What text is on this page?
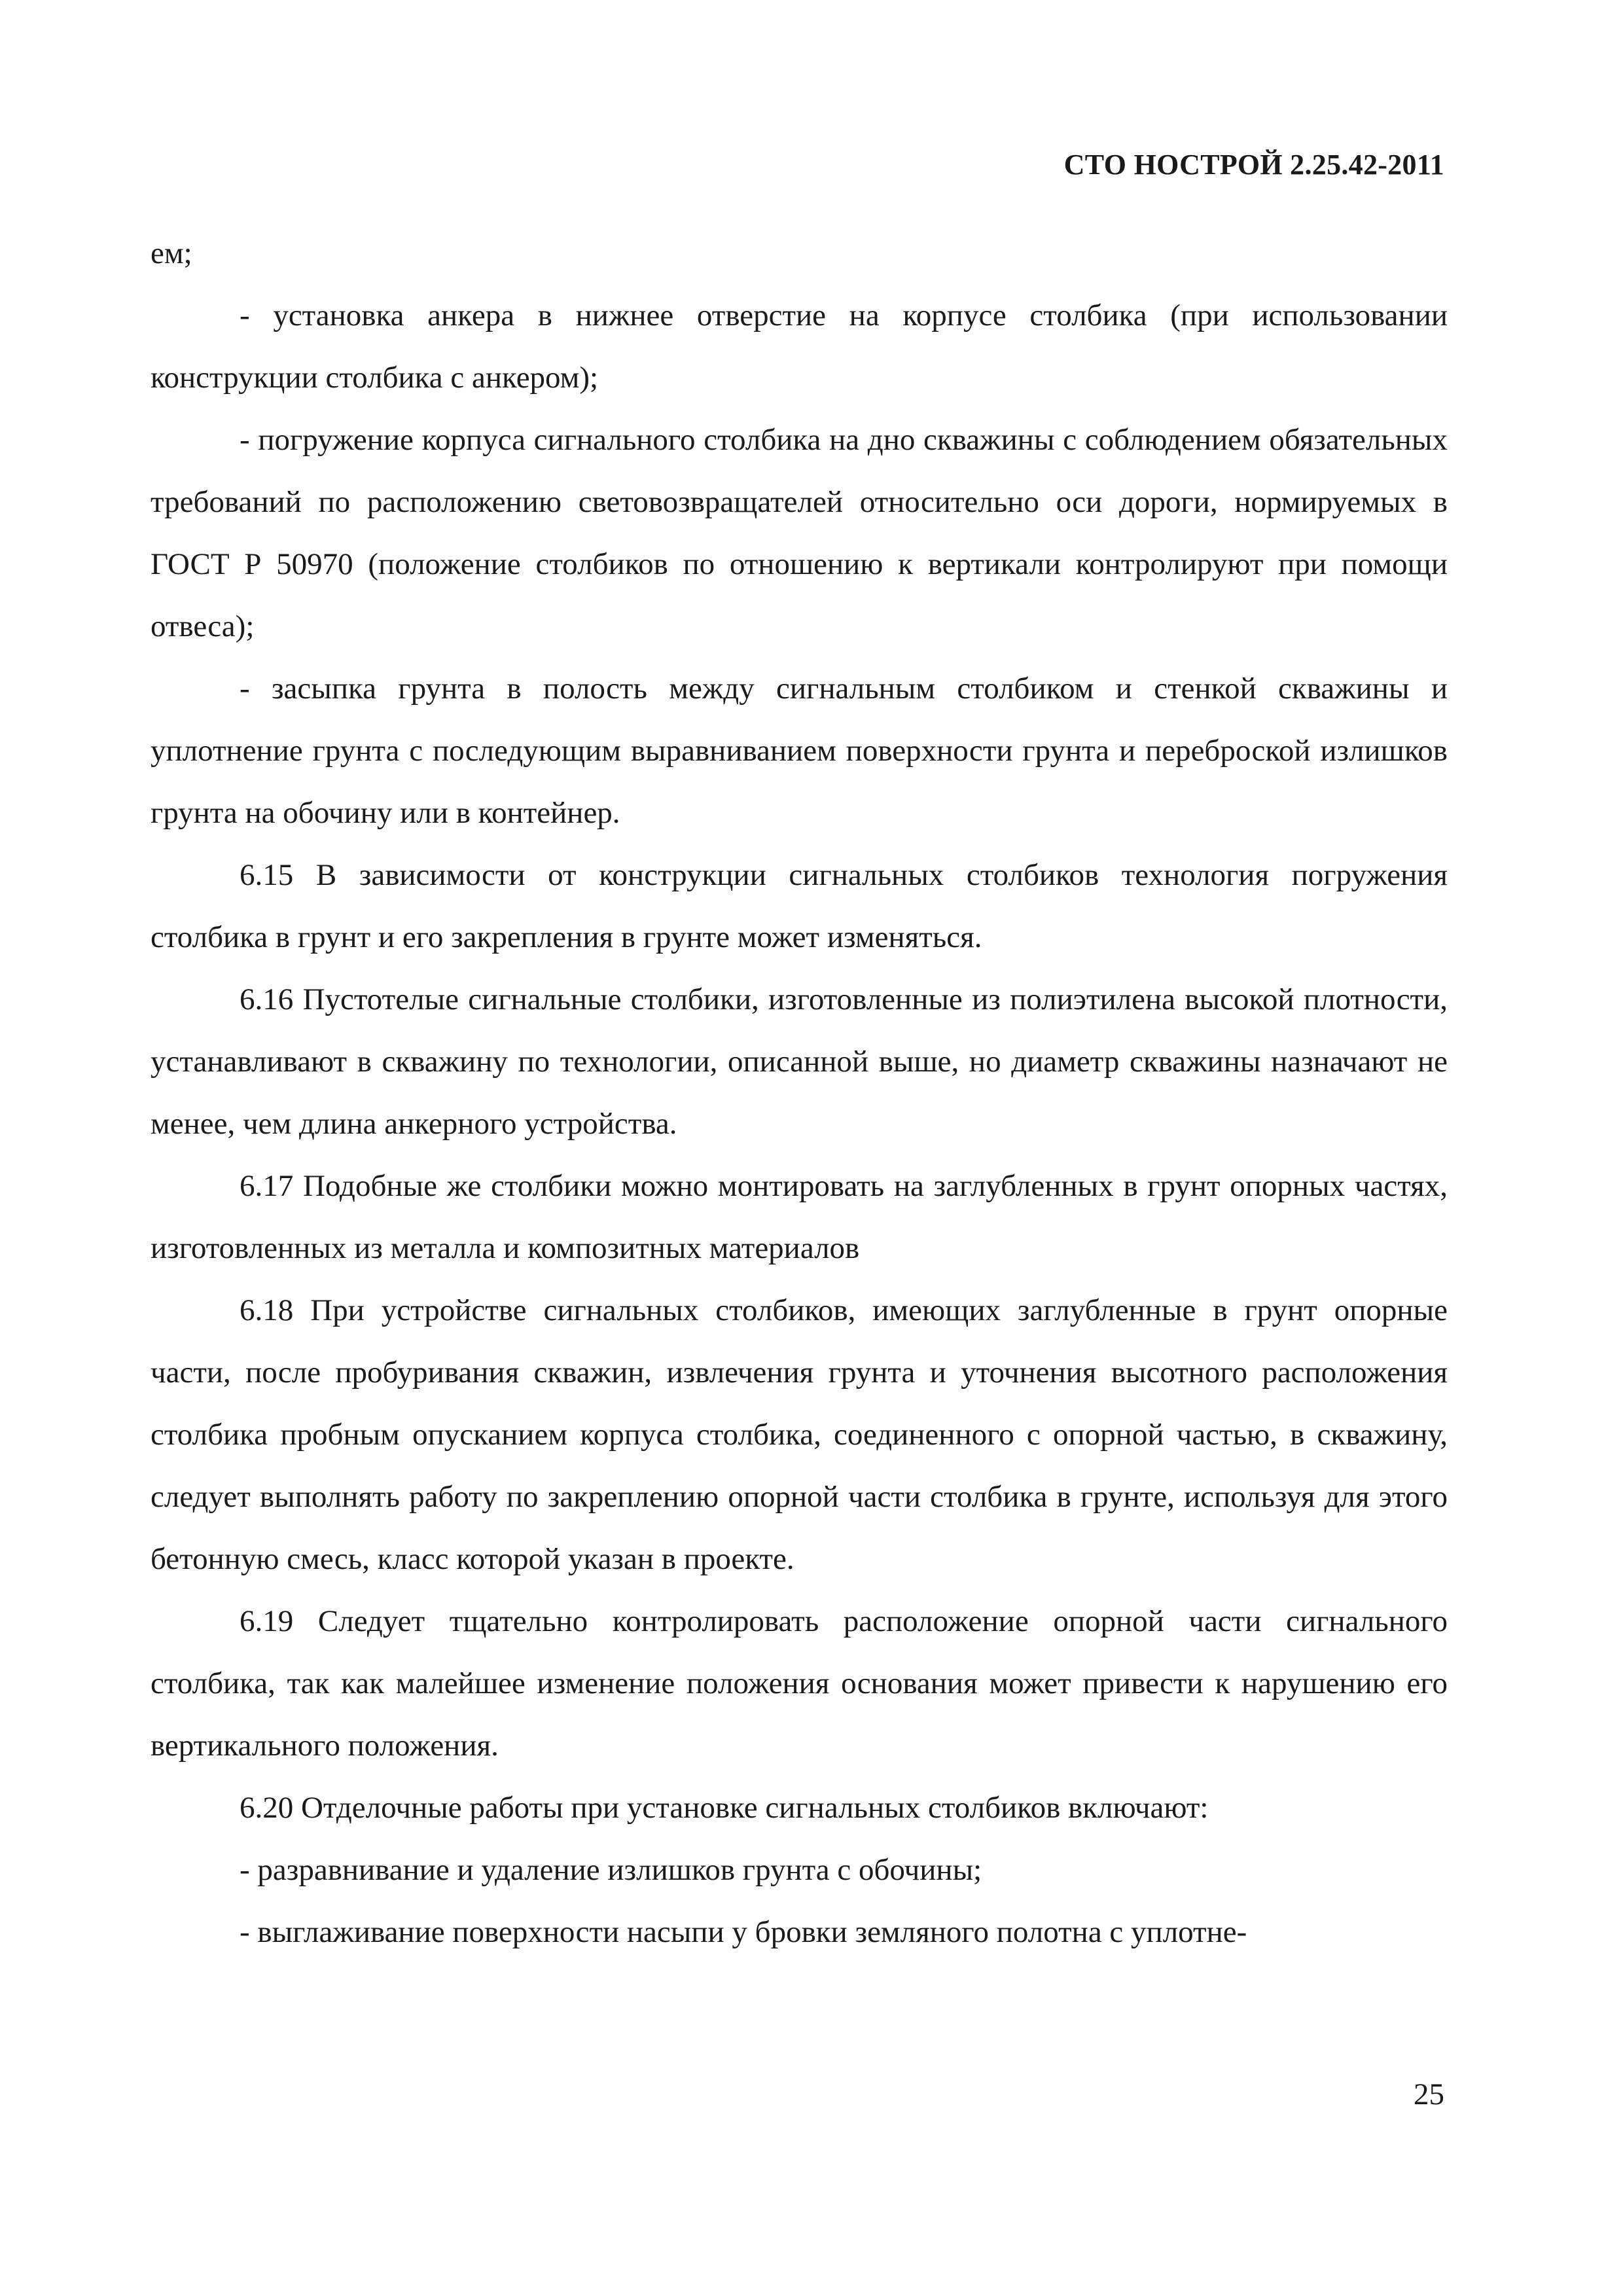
СТО НОСТРОЙ 2.25.42-2011

ем;

- установка анкера в нижнее отверстие на корпусе столбика (при использовании конструкции столбика с анкером);

- погружение корпуса сигнального столбика на дно скважины с соблюдением обязательных требований по расположению световозвращателей относительно оси дороги, нормируемых в ГОСТ Р 50970 (положение столбиков по отношению к вертикали контролируют при помощи отвеса);

- засыпка грунта в полость между сигнальным столбиком и стенкой скважины и уплотнение грунта с последующим выравниванием поверхности грунта и переброской излишков грунта на обочину или в контейнер.

6.15 В зависимости от конструкции сигнальных столбиков технология погружения столбика в грунт и его закрепления в грунте может изменяться.

6.16 Пустотелые сигнальные столбики, изготовленные из полиэтилена высокой плотности, устанавливают в скважину по технологии, описанной выше, но диаметр скважины назначают не менее, чем длина анкерного устройства.

6.17 Подобные же столбики можно монтировать на заглубленных в грунт опорных частях, изготовленных из металла и композитных материалов

6.18 При устройстве сигнальных столбиков, имеющих заглубленные в грунт опорные части, после пробуривания скважин, извлечения грунта и уточнения высотного расположения столбика пробным опусканием корпуса столбика, соединенного с опорной частью, в скважину, следует выполнять работу по закреплению опорной части столбика в грунте, используя для этого бетонную смесь, класс которой указан в проекте.

6.19 Следует тщательно контролировать расположение опорной части сигнального столбика, так как малейшее изменение положения основания может привести к нарушению его вертикального положения.

6.20 Отделочные работы при установке сигнальных столбиков включают:

- разравнивание и удаление излишков грунта с обочины;

- выглаживание поверхности насыпи у бровки земляного полотна с уплотне-

25
